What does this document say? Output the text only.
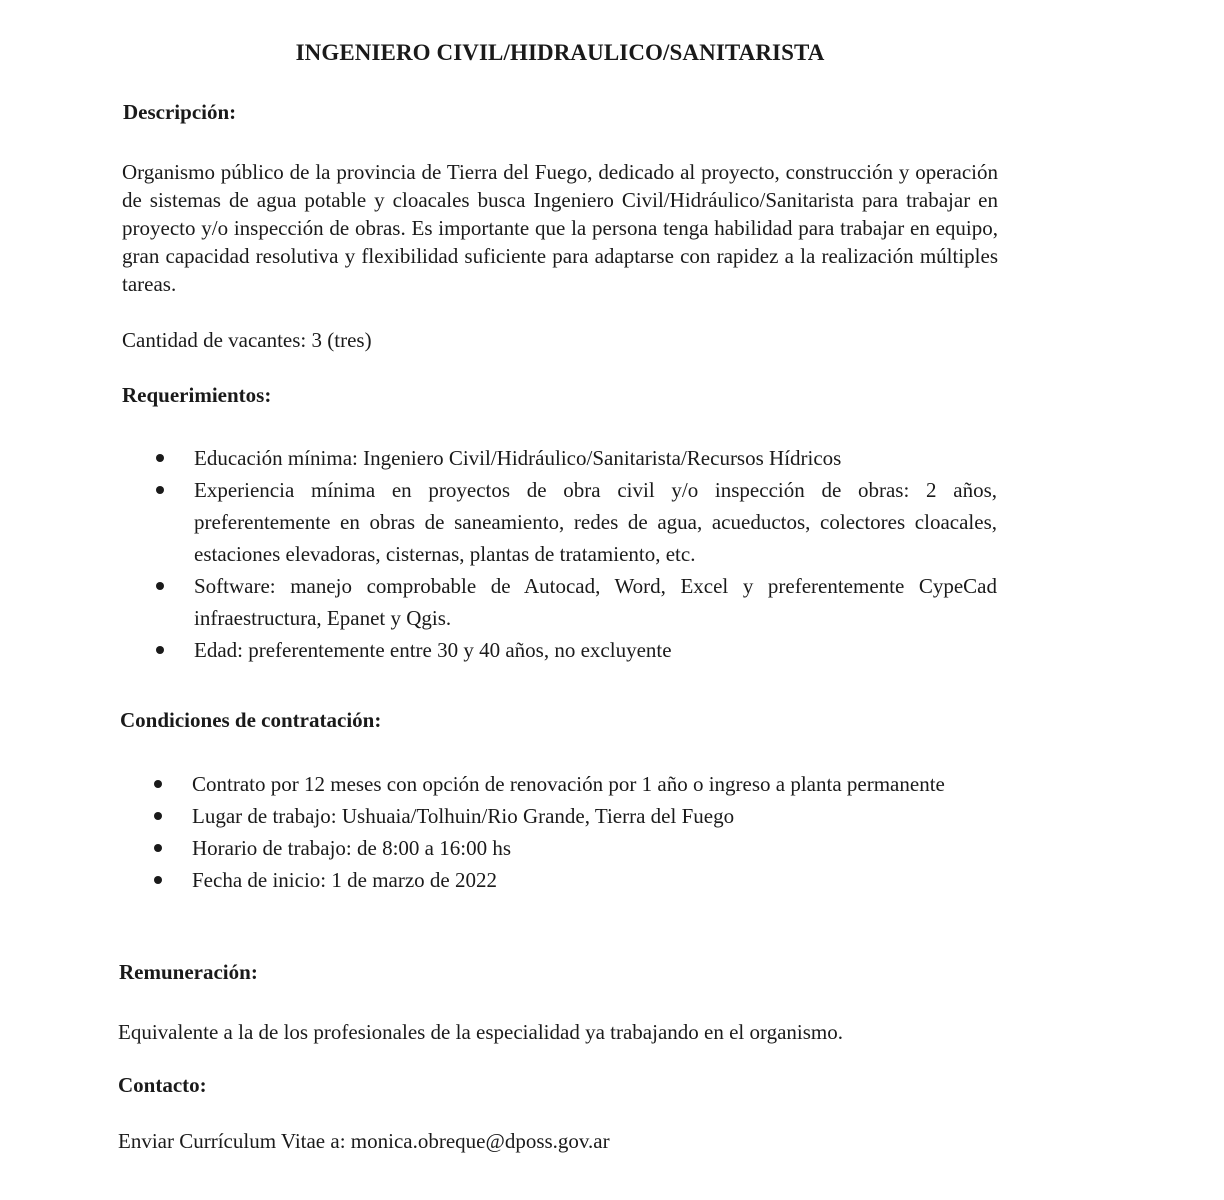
INGENIERO CIVIL/HIDRAULICO/SANITARISTA
Descripción:

Organismo público de la provincia de Tierra del Fuego, dedicado al proyecto, construcción y operación de sistemas de agua potable y cloacales busca Ingeniero Civil/Hidráulico/Sanitarista para trabajar en proyecto y/o inspección de obras. Es importante que la persona tenga habilidad para trabajar en equipo, gran capacidad resolutiva y flexibilidad suficiente para adaptarse con rapidez a la realización múltiples tareas.

Cantidad de vacantes: 3 (tres)

Requerimientos:
Educación mínima: Ingeniero Civil/Hidráulico/Sanitarista/Recursos Hídricos
Experiencia mínima en proyectos de obra civil y/o inspección de obras: 2 años, preferentemente en obras de saneamiento, redes de agua, acueductos, colectores cloacales, estaciones elevadoras, cisternas, plantas de tratamiento, etc.
Software: manejo comprobable de Autocad, Word, Excel y preferentemente CypeCad infraestructura, Epanet y Qgis.
Edad: preferentemente entre 30 y 40 años, no excluyente
Condiciones de contratación:
Contrato por 12 meses con opción de renovación por 1 año o ingreso a planta permanente
Lugar de trabajo: Ushuaia/Tolhuin/Rio Grande, Tierra del Fuego
Horario de trabajo: de 8:00 a 16:00 hs
Fecha de inicio: 1 de marzo de 2022
Remuneración:

Equivalente a la de los profesionales de la especialidad ya trabajando en el organismo.

Contacto:

Enviar Currículum Vitae a: monica.obreque@dposs.gov.ar
